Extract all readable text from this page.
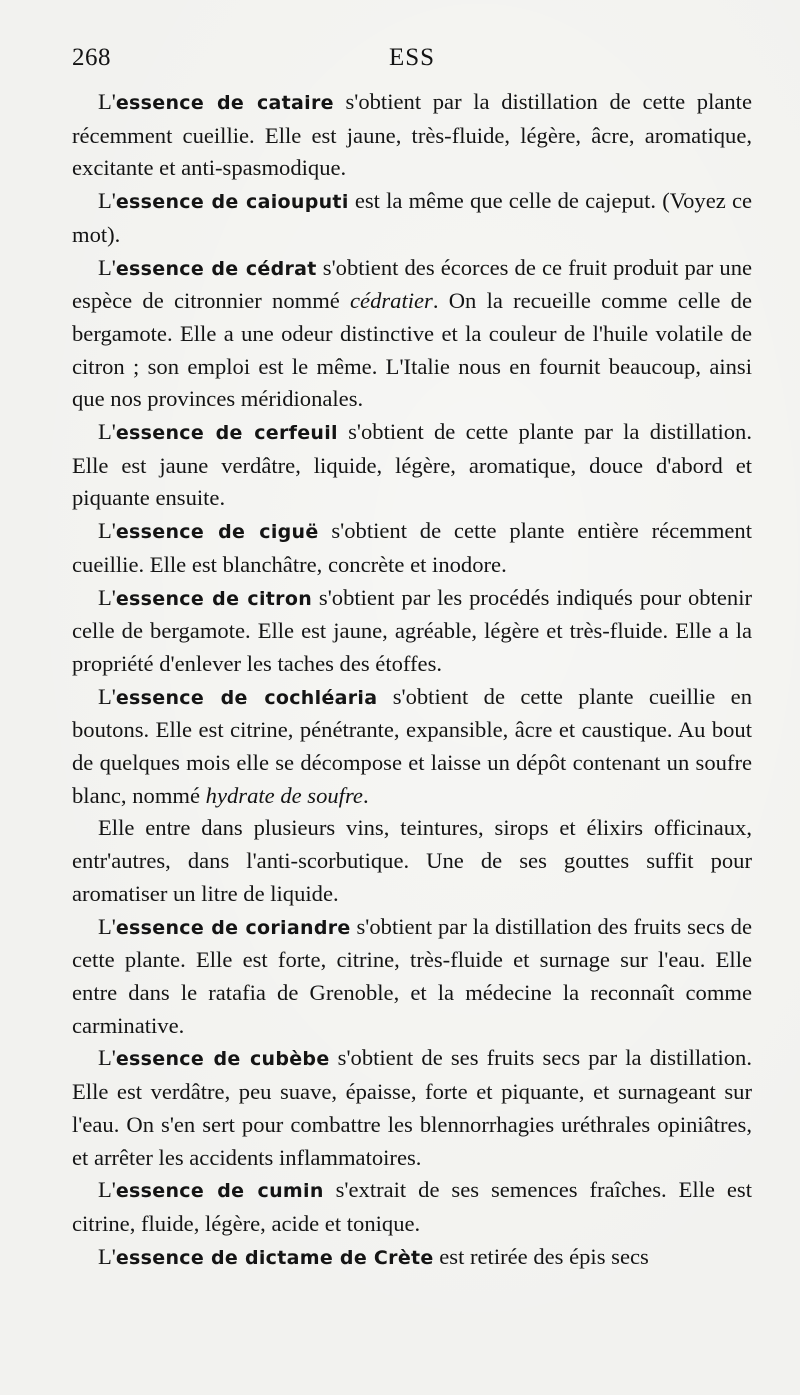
268	ESS

L'essence de cataire s'obtient par la distillation de cette plante récemment cueillie. Elle est jaune, très-fluide, légère, âcre, aromatique, excitante et anti-spasmodique.

L'essence de caiouputi est la même que celle de cajeput. (Voyez ce mot).

L'essence de cédrat s'obtient des écorces de ce fruit produit par une espèce de citronnier nommé cédratier. On la recueille comme celle de bergamote. Elle a une odeur distinctive et la couleur de l'huile volatile de citron ; son emploi est le même. L'Italie nous en fournit beaucoup, ainsi que nos provinces méridionales.

L'essence de cerfeuil s'obtient de cette plante par la distillation. Elle est jaune verdâtre, liquide, légère, aromatique, douce d'abord et piquante ensuite.

L'essence de ciguë s'obtient de cette plante entière récemment cueillie. Elle est blanchâtre, concrète et inodore.

L'essence de citron s'obtient par les procédés indiqués pour obtenir celle de bergamote. Elle est jaune, agréable, légère et très-fluide. Elle a la propriété d'enlever les taches des étoffes.

L'essence de cochléaria s'obtient de cette plante cueillie en boutons. Elle est citrine, pénétrante, expansible, âcre et caustique. Au bout de quelques mois elle se décompose et laisse un dépôt contenant un soufre blanc, nommé hydrate de soufre.

Elle entre dans plusieurs vins, teintures, sirops et élixirs officinaux, entr'autres, dans l'anti-scorbutique. Une de ses gouttes suffit pour aromatiser un litre de liquide.

L'essence de coriandre s'obtient par la distillation des fruits secs de cette plante. Elle est forte, citrine, très-fluide et surnage sur l'eau. Elle entre dans le ratafia de Grenoble, et la médecine la reconnaît comme carminative.

L'essence de cubèbe s'obtient de ses fruits secs par la distillation. Elle est verdâtre, peu suave, épaisse, forte et piquante, et surnageant sur l'eau. On s'en sert pour combattre les blennorrhagies uréthrales opiniâtres, et arrêter les accidents inflammatoires.

L'essence de cumin s'extrait de ses semences fraîches. Elle est citrine, fluide, légère, acide et tonique.

L'essence de dictame de Crète est retirée des épis secs
